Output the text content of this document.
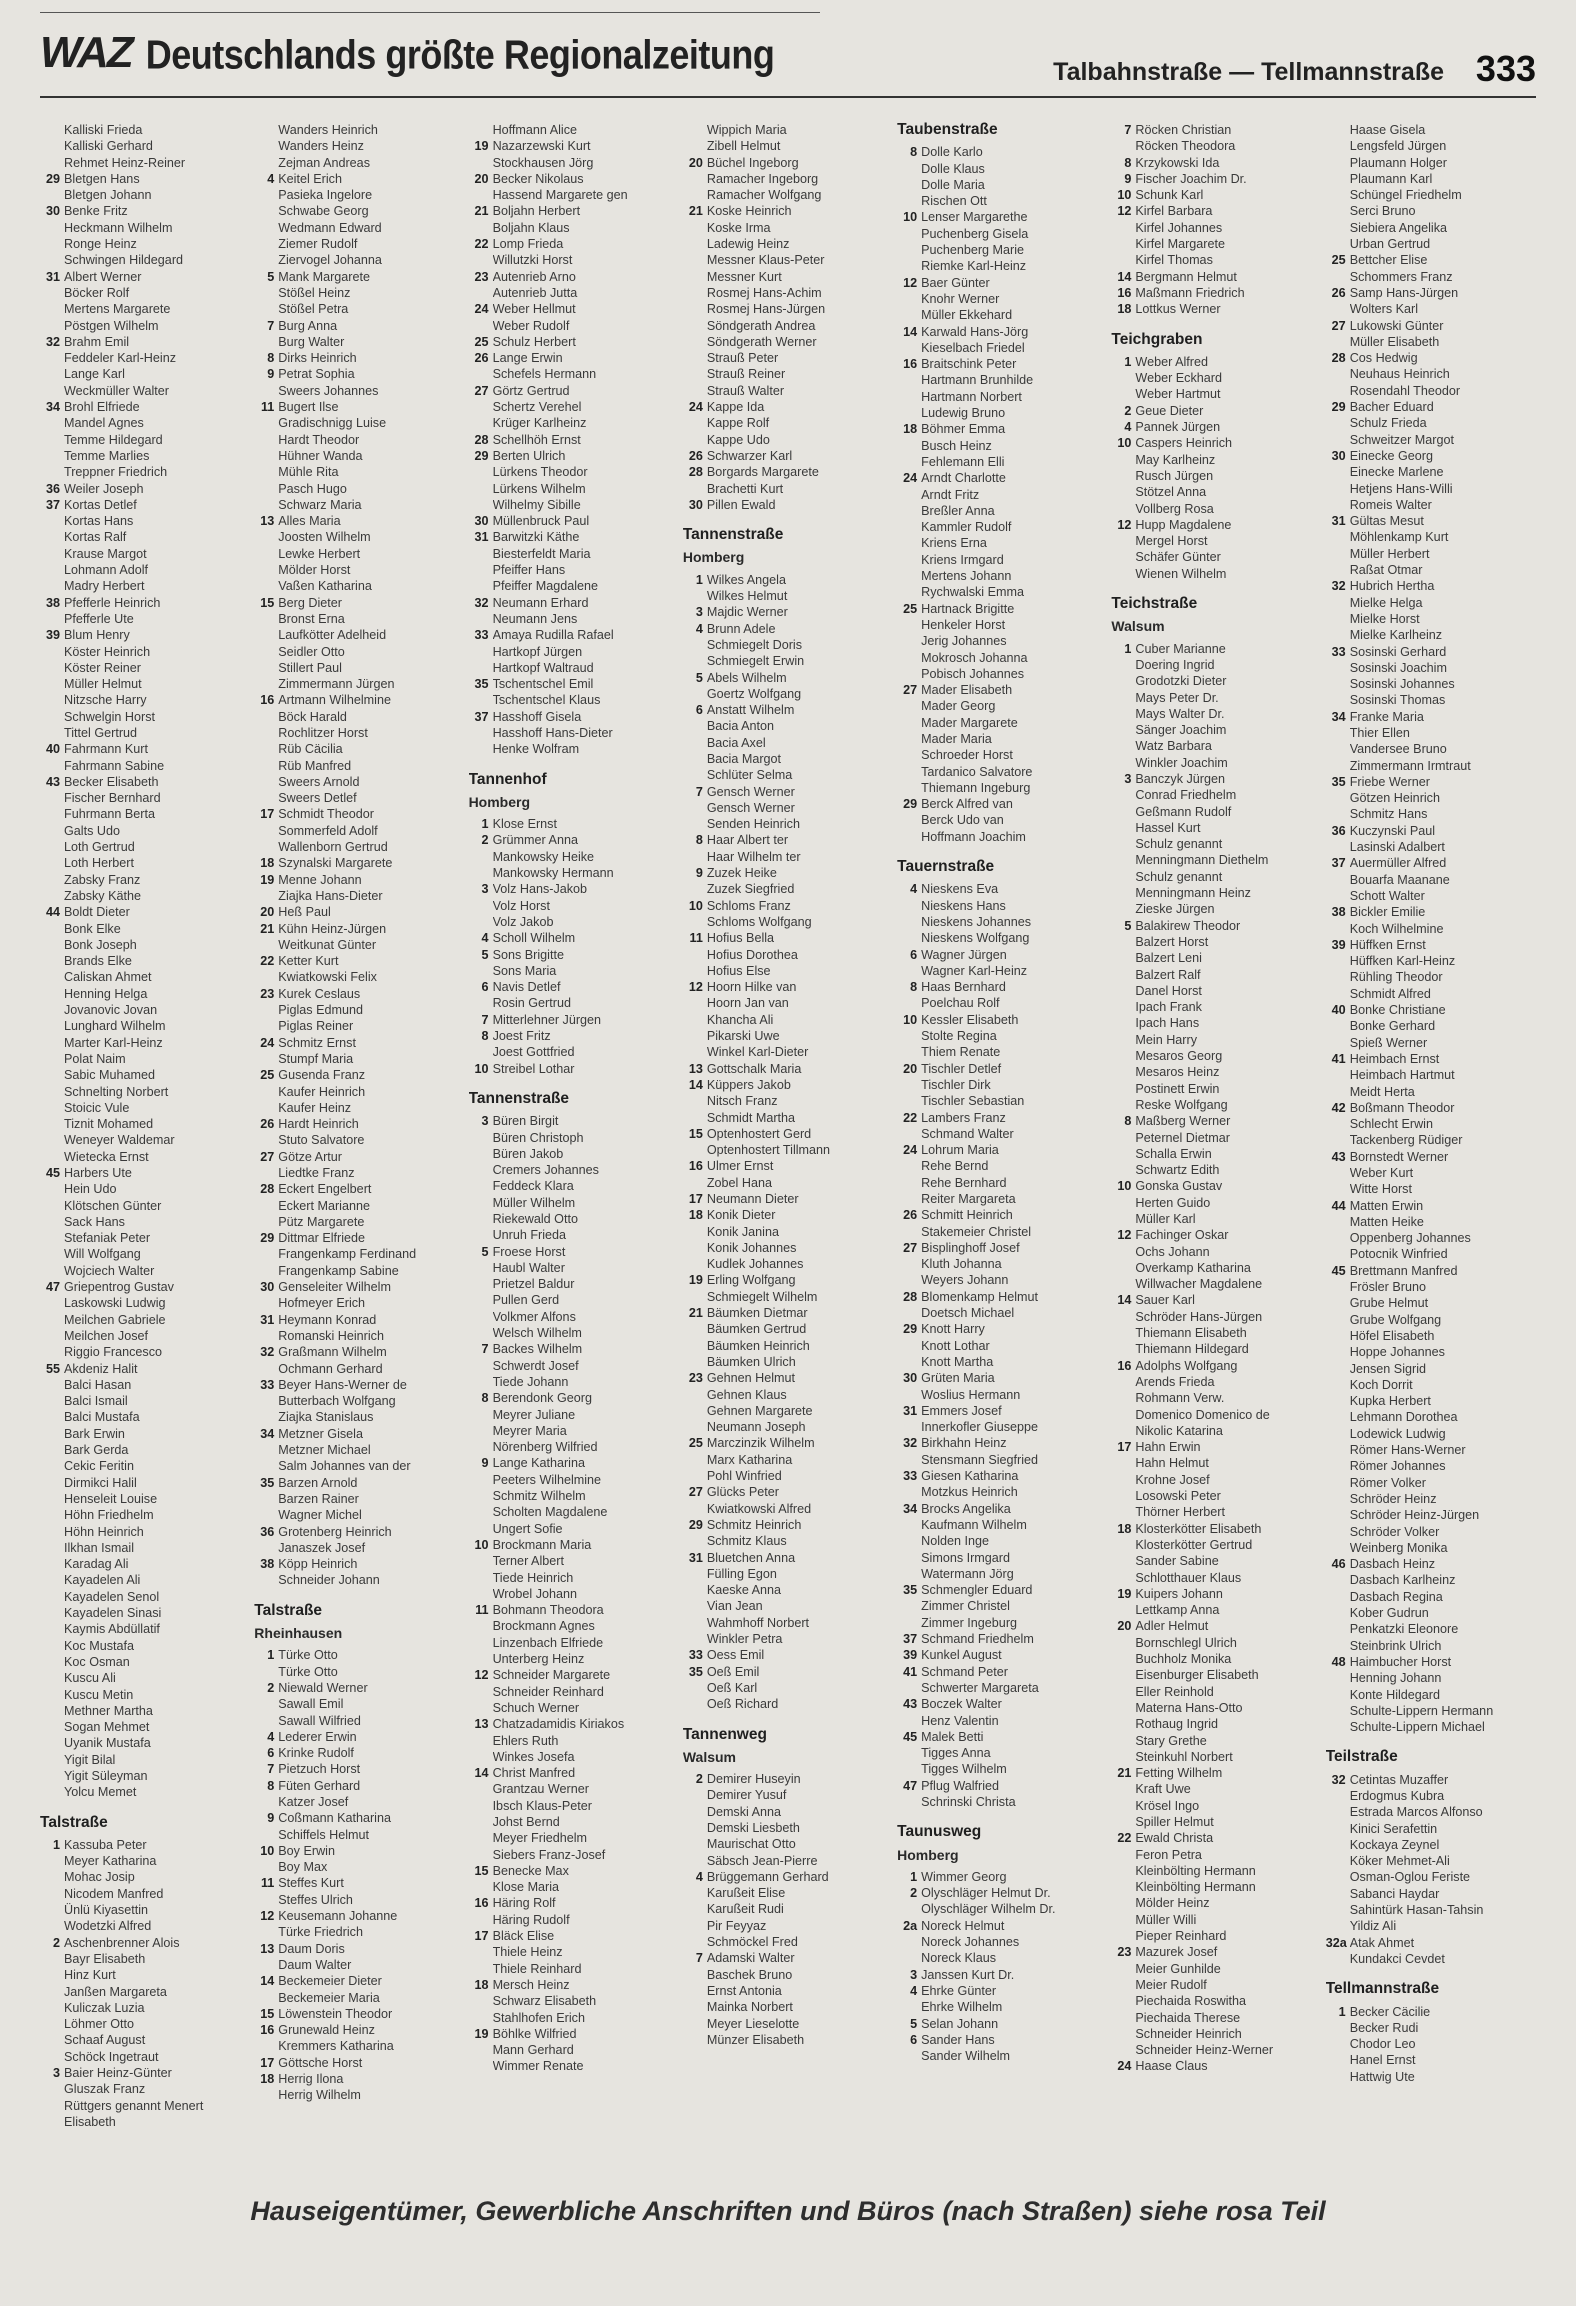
WAZ Deutschlands größte Regionalzeitung	Talbahnstraße — Tellmannstraße 333
Kalliski Frieda
Kalliski Gerhard
Rehmet Heinz-Reiner
29 Bletgen Hans
Bletgen Johann
30 Benke Fritz
Heckmann Wilhelm
Ronge Heinz
Schwingen Hildegard
31 Albert Werner
Böcker Rolf
Mertens Margarete
Pöstgen Wilhelm
32 Brahm Emil
Feddeler Karl-Heinz
Lange Karl
Weckmüller Walter
34 Brohl Elfriede
Mandel Agnes
Temme Hildegard
Temme Marlies
Treppner Friedrich
36 Weiler Joseph
37 Kortas Detlef
Kortas Hans
Kortas Ralf
Krause Margot
Lohmann Adolf
Madry Herbert
38 Pfefferle Heinrich
Pfefferle Ute
39 Blum Henry
Köster Heinrich
Köster Reiner
Müller Helmut
Nitzsche Harry
Schwelgin Horst
Tittel Gertrud
40 Fahrmann Kurt
Fahrmann Sabine
43 Becker Elisabeth
Fischer Bernhard
Fuhrmann Berta
Galts Udo
Loth Gertrud
Loth Herbert
Zabsky Franz
Zabsky Käthe
44 Boldt Dieter
Bonk Elke
Bonk Joseph
Brands Elke
Caliskan Ahmet
Henning Helga
Jovanovic Jovan
Lunghard Wilhelm
Marter Karl-Heinz
Polat Naim
Sabic Muhamed
Schnelting Norbert
Stoicic Vule
Tiznit Mohamed
Weneyer Waldemar
Wietecka Ernst
45 Harbers Ute
Hein Udo
Klötschen Günter
Sack Hans
Stefaniak Peter
Will Wolfgang
Wojciech Walter
47 Griepentrog Gustav
Laskowski Ludwig
Meilchen Gabriele
Meilchen Josef
Riggio Francesco
55 Akdeniz Halit
Balci Hasan
Balci Ismail
Balci Mustafa
Bark Erwin
Bark Gerda
Cekic Feritin
Dirmikci Halil
Henseleit Louise
Höhn Friedhelm
Höhn Heinrich
Ilkhan Ismail
Karadag Ali
Kayadelen Ali
Kayadelen Senol
Kayadelen Sinasi
Kaymis Abdüllatif
Koc Mustafa
Koc Osman
Kuscu Ali
Kuscu Metin
Methner Martha
Sogan Mehmet
Uyanik Mustafa
Yigit Bilal
Yigit Süleyman
Yolcu Memet
Talstraße
1 Kassuba Peter
Meyer Katharina
Mohac Josip
Nicodem Manfred
Ünlü Kiyasettin
Wodetzki Alfred
2 Aschenbrenner Alois
Bayr Elisabeth
Hinz Kurt
Janßen Margareta
Kuliczak Luzia
Löhmer Otto
Schaaf August
Schöck Ingetraut
3 Baier Heinz-Günter
Gluszak Franz
Rüttgers genannt Menert
Elisabeth
Wanders Heinrich
Wanders Heinz
Zejman Andreas
4 Keitel Erich
Pasieka Ingelore
Schwabe Georg
Wedmann Edward
Ziemer Rudolf
Ziervogel Johanna
5 Mank Margarete
Stößel Heinz
Stößel Petra
7 Burg Anna
Burg Walter
8 Dirks Heinrich
9 Petrat Sophia
Sweers Johannes
11 Bugert Ilse
Gradischnigg Luise
Hardt Theodor
Hühner Wanda
Mühle Rita
Pasch Hugo
Schwarz Maria
13 Alles Maria
Joosten Wilhelm
Lewke Herbert
Mölder Horst
Vaßen Katharina
15 Berg Dieter
Bronst Erna
Laufkötter Adelheid
Seidler Otto
Stillert Paul
Zimmermann Jürgen
16 Artmann Wilhelmine
Böck Harald
Rochlitzer Horst
Rüb Cäcilia
Rüb Manfred
Sweers Arnold
Sweers Detlef
17 Schmidt Theodor
Sommerfeld Adolf
Wallenborn Gertrud
18 Szynalski Margarete
19 Menne Johann
Ziajka Hans-Dieter
20 Heß Paul
21 Kühn Heinz-Jürgen
Weitkunat Günter
22 Ketter Kurt
Kwiatkowski Felix
23 Kurek Ceslaus
Piglas Edmund
Piglas Reiner
24 Schmitz Ernst
Stumpf Maria
25 Gusenda Franz
Kaufer Heinrich
Kaufer Heinz
26 Hardt Heinrich
Stuto Salvatore
27 Götze Artur
Liedtke Franz
28 Eckert Engelbert
Eckert Marianne
Pütz Margarete
29 Dittmar Elfriede
Frangenkamp Ferdinand
Frangenkamp Sabine
30 Genseleiter Wilhelm
Hofmeyer Erich
31 Heymann Konrad
Romanski Heinrich
32 Graßmann Wilhelm
Ochmann Gerhard
33 Beyer Hans-Werner de
Butterbach Wolfgang
Ziajka Stanislaus
34 Metzner Gisela
Metzner Michael
Salm Johannes van der
35 Barzen Arnold
Barzen Rainer
Wagner Michel
36 Grotenberg Heinrich
Janaszek Josef
38 Köpp Heinrich
Schneider Johann
Talstraße
Rheinhausen
1 Türke Otto
Türke Otto
2 Niewald Werner
Sawall Emil
Sawall Wilfried
4 Lederer Erwin
6 Krinke Rudolf
7 Pietzuch Horst
8 Füten Gerhard
Katzer Josef
9 Coßmann Katharina
Schiffels Helmut
10 Boy Erwin
Boy Max
11 Steffes Kurt
Steffes Ulrich
12 Keusemann Johanne
Türke Friedrich
13 Daum Doris
Daum Walter
14 Beckemeier Dieter
Beckemeier Maria
15 Löwenstein Theodor
16 Grunewald Heinz
Kremmers Katharina
17 Göttsche Horst
18 Herrig Ilona
Herrig Wilhelm
Hoffmann Alice
19 Nazarzewski Kurt
Stockhausen Jörg
20 Becker Nikolaus
Hassend Margarete gen
21 Boljahn Herbert
Boljahn Klaus
22 Lomp Frieda
Willutzki Horst
23 Autenrieb Arno
Autenrieb Jutta
24 Weber Hellmut
Weber Rudolf
25 Schulz Herbert
26 Lange Erwin
Schefels Hermann
27 Görtz Gertrud
Schertz Verehel
Krüger Karlheinz
28 Schellhöh Ernst
29 Berten Ulrich
Lürkens Theodor
Lürkens Wilhelm
Wilhelmy Sibille
30 Müllenbruck Paul
31 Barwitzki Käthe
Biesterfeldt Maria
Pfeiffer Hans
Pfeiffer Magdalene
32 Neumann Erhard
Neumann Jens
33 Amaya Rudilla Rafael
Hartkopf Jürgen
Hartkopf Waltraud
35 Tschentschel Emil
Tschentschel Klaus
37 Hasshoff Gisela
Hasshoff Hans-Dieter
Henke Wolfram
Tannenhof
Homberg
1 Klose Ernst
2 Grümmer Anna
Mankowsky Heike
Mankowsky Hermann
3 Volz Hans-Jakob
Volz Horst
Volz Jakob
4 Scholl Wilhelm
5 Sons Brigitte
Sons Maria
6 Navis Detlef
Rosin Gertrud
7 Mitterlehner Jürgen
8 Joest Fritz
Joest Gottfried
10 Streibel Lothar
Tannenstraße
3 Büren Birgit
Büren Christoph
Büren Jakob
Cremers Johannes
Feddeck Klara
Müller Wilhelm
Riekewald Otto
Unruh Frieda
5 Froese Horst
Haubl Walter
Prietzel Baldur
Pullen Gerd
Volkmer Alfons
Welsch Wilhelm
7 Backes Wilhelm
Schwerdt Josef
Tiede Johann
8 Berendonk Georg
Meyrer Juliane
Meyrer Maria
Nörenberg Wilfried
9 Lange Katharina
Peeters Wilhelmine
Schmitz Wilhelm
Scholten Magdalene
Ungert Sofie
10 Brockmann Maria
Terner Albert
Tiede Heinrich
Wrobel Johann
11 Bohmann Theodora
Brockmann Agnes
Linzenbach Elfriede
Unterberg Heinz
12 Schneider Margarete
Schneider Reinhard
Schuch Werner
13 Chatzadamidis Kiriakos
Ehlers Ruth
Winkes Josefa
14 Christ Manfred
Grantzau Werner
Ibsch Klaus-Peter
Johst Bernd
Meyer Friedhelm
Siebers Franz-Josef
15 Benecke Max
Klose Maria
16 Häring Rolf
Häring Rudolf
17 Bläck Elise
Thiele Heinz
Thiele Reinhard
18 Mersch Heinz
Schwarz Elisabeth
Stahlhofen Erich
19 Böhlke Wilfried
Mann Gerhard
Wimmer Renate
Wippich Maria
Zibell Helmut
20 Büchel Ingeborg
Ramacher Ingeborg
Ramacher Wolfgang
21 Koske Heinrich
Koske Irma
Ladewig Heinz
Messner Klaus-Peter
Messner Kurt
Rosmej Hans-Achim
Rosmej Hans-Jürgen
Söndgerath Andrea
Söndgerath Werner
Strauß Peter
Strauß Reiner
Strauß Walter
24 Kappe Ida
Kappe Rolf
Kappe Udo
26 Schwarzer Karl
28 Borgards Margarete
Brachetti Kurt
30 Pillen Ewald
Tannenstraße
Homberg
1 Wilkes Angela
Wilkes Helmut
3 Majdic Werner
4 Brunn Adele
Schmiegelt Doris
Schmiegelt Erwin
5 Abels Wilhelm
Goertz Wolfgang
6 Anstatt Wilhelm
Bacia Anton
Bacia Axel
Bacia Margot
Schlüter Selma
7 Gensch Werner
Gensch Werner
Senden Heinrich
8 Haar Albert ter
Haar Wilhelm ter
9 Zuzek Heike
Zuzek Siegfried
10 Schloms Franz
Schloms Wolfgang
11 Hofius Bella
Hofius Dorothea
Hofius Else
12 Hoorn Hilke van
Hoorn Jan van
Khancha Ali
Pikarski Uwe
Winkel Karl-Dieter
13 Gottschalk Maria
14 Küppers Jakob
Nitsch Franz
Schmidt Martha
15 Optenhostert Gerd
Optenhostert Tillmann
16 Ulmer Ernst
Zobel Hana
17 Neumann Dieter
18 Konik Dieter
Konik Janina
Konik Johannes
Kudlek Johannes
19 Erling Wolfgang
Schmiegelt Wilhelm
21 Bäumken Dietmar
Bäumken Gertrud
Bäumken Heinrich
Bäumken Ulrich
23 Gehnen Helmut
Gehnen Klaus
Gehnen Margarete
Neumann Joseph
25 Marczinzik Wilhelm
Marx Katharina
Pohl Winfried
27 Glücks Peter
Kwiatkowski Alfred
29 Schmitz Heinrich
Schmitz Klaus
31 Bluetchen Anna
Fülling Egon
Kaeske Anna
Vian Jean
Wahmhoff Norbert
Winkler Petra
33 Oess Emil
35 Oeß Emil
Oeß Karl
Oeß Richard
Tannenweg
Walsum
2 Demirer Huseyin
Demirer Yusuf
Demski Anna
Demski Liesbeth
Maurischat Otto
Säbsch Jean-Pierre
4 Brüggemann Gerhard
Karußeit Elise
Karußeit Rudi
Pir Feyyaz
Schmöckel Fred
7 Adamski Walter
Baschek Bruno
Ernst Antonia
Mainka Norbert
Meyer Lieselotte
Münzer Elisabeth
Taubenstraße
8 Dolle Karlo
Dolle Klaus
Dolle Maria
Rischen Ott
10 Lenser Margarethe
Puchenberg Gisela
Puchenberg Marie
Riemke Karl-Heinz
12 Baer Günter
Knohr Werner
Müller Ekkehard
14 Karwald Hans-Jörg
Kieselbach Friedel
16 Braitschink Peter
Hartmann Brunhilde
Hartmann Norbert
Ludewig Bruno
18 Böhmer Emma
Busch Heinz
Fehlemann Elli
24 Arndt Charlotte
Arndt Fritz
Breßler Anna
Kammler Rudolf
Kriens Erna
Kriens Irmgard
Mertens Johann
Rychwalski Emma
25 Hartnack Brigitte
Henkeler Horst
Jerig Johannes
Mokrosch Johanna
Pobisch Johannes
27 Mader Elisabeth
Mader Georg
Mader Margarete
Mader Maria
Schroeder Horst
Tardanico Salvatore
Thiemann Ingeburg
29 Berck Alfred van
Berck Udo van
Hoffmann Joachim
Tauernstraße
4 Nieskens Eva
Nieskens Hans
Nieskens Johannes
Nieskens Wolfgang
6 Wagner Jürgen
Wagner Karl-Heinz
8 Haas Bernhard
Poelchau Rolf
10 Kessler Elisabeth
Stolte Regina
Thiem Renate
20 Tischler Detlef
Tischler Dirk
Tischler Sebastian
22 Lambers Franz
Schmand Walter
24 Lohrum Maria
Rehe Bernd
Rehe Bernhard
Reiter Margareta
26 Schmitt Heinrich
Stakemeier Christel
27 Bisplinghoff Josef
Kluth Johanna
Weyers Johann
28 Blomenkamp Helmut
Doetsch Michael
29 Knott Harry
Knott Lothar
Knott Martha
30 Grüten Maria
Woslius Hermann
31 Emmers Josef
Innerkofler Giuseppe
32 Birkhahn Heinz
Stensmann Siegfried
33 Giesen Katharina
Motzkus Heinrich
34 Brocks Angelika
Kaufmann Wilhelm
Nolden Inge
Simons Irmgard
Watermann Jörg
35 Schmengler Eduard
Zimmer Christel
Zimmer Ingeburg
37 Schmand Friedhelm
39 Kunkel August
41 Schmand Peter
Schwerter Margareta
43 Boczek Walter
Henz Valentin
45 Malek Betti
Tigges Anna
Tigges Wilhelm
47 Pflug Walfried
Schrinski Christa
Taunusweg
Homberg
1 Wimmer Georg
2 Olyschläger Helmut Dr.
Olyschläger Wilhelm Dr.
2a Noreck Helmut
Noreck Johannes
Noreck Klaus
3 Janssen Kurt Dr.
4 Ehrke Günter
Ehrke Wilhelm
5 Selan Johann
6 Sander Hans
Sander Wilhelm
7 Röcken Christian
Röcken Theodora
8 Krzykowski Ida
9 Fischer Joachim Dr.
10 Schunk Karl
12 Kirfel Barbara
Kirfel Johannes
Kirfel Margarete
Kirfel Thomas
14 Bergmann Helmut
16 Maßmann Friedrich
18 Lottkus Werner
Teichgraben
1 Weber Alfred
Weber Eckhard
Weber Hartmut
2 Geue Dieter
4 Pannek Jürgen
10 Caspers Heinrich
May Karlheinz
Rusch Jürgen
Stötzel Anna
Vollberg Rosa
12 Hupp Magdalene
Mergel Horst
Schäfer Günter
Wienen Wilhelm
Teichstraße
Walsum
1 Cuber Marianne
Doering Ingrid
Grodotzki Dieter
Mays Peter Dr.
Mays Walter Dr.
Sänger Joachim
Watz Barbara
Winkler Joachim
3 Banczyk Jürgen
Conrad Friedhelm
Geßmann Rudolf
Hassel Kurt
Schulz genannt
Menningmann Diethelm
Schulz genannt
Menningmann Heinz
Zieske Jürgen
5 Balakirew Theodor
Balzert Horst
Balzert Leni
Balzert Ralf
Danel Horst
Ipach Frank
Ipach Hans
Mein Harry
Mesaros Georg
Mesaros Heinz
Postinett Erwin
Reske Wolfgang
8 Maßberg Werner
Peternel Dietmar
Schalla Erwin
Schwartz Edith
10 Gonska Gustav
Herten Guido
Müller Karl
12 Fachinger Oskar
Ochs Johann
Overkamp Katharina
Willwacher Magdalene
14 Sauer Karl
Schröder Hans-Jürgen
Thiemann Elisabeth
Thiemann Hildegard
16 Adolphs Wolfgang
Arends Frieda
Rohmann Verw.
Domenico Domenico de
Nikolic Katarina
17 Hahn Erwin
Hahn Helmut
Krohne Josef
Losowski Peter
Thörner Herbert
18 Klosterkötter Elisabeth
Klosterkötter Gertrud
Sander Sabine
Schlotthauer Klaus
19 Kuipers Johann
Lettkamp Anna
20 Adler Helmut
Bornschlegl Ulrich
Buchholz Monika
Eisenburger Elisabeth
Eller Reinhold
Materna Hans-Otto
Rothaug Ingrid
Stary Grethe
Steinkuhl Norbert
21 Fetting Wilhelm
Kraft Uwe
Krösel Ingo
Spiller Helmut
22 Ewald Christa
Feron Petra
Kleinbölting Hermann
Kleinbölting Hermann
Mölder Heinz
Müller Willi
Pieper Reinhard
23 Mazurek Josef
Meier Gunhilde
Meier Rudolf
Piechaida Roswitha
Piechaida Therese
Schneider Heinrich
Schneider Heinz-Werner
24 Haase Claus
Haase Gisela
Lengsfeld Jürgen
Plaumann Holger
Plaumann Karl
Schüngel Friedhelm
Serci Bruno
Siebiera Angelika
Urban Gertrud
25 Bettcher Elise
Schommers Franz
26 Samp Hans-Jürgen
Wolters Karl
27 Lukowski Günter
Müller Elisabeth
28 Cos Hedwig
Neuhaus Heinrich
Rosendahl Theodor
29 Bacher Eduard
Schulz Frieda
Schweitzer Margot
30 Einecke Georg
Einecke Marlene
Hetjens Hans-Willi
Romeis Walter
31 Gültas Mesut
Möhlenkamp Kurt
Müller Herbert
Raßat Otmar
32 Hubrich Hertha
Mielke Helga
Mielke Horst
Mielke Karlheinz
33 Sosinski Gerhard
Sosinski Joachim
Sosinski Johannes
Sosinski Thomas
34 Franke Maria
Thier Ellen
Vandersee Bruno
Zimmermann Irmtraut
35 Friebe Werner
Götzen Heinrich
Schmitz Hans
36 Kuczynski Paul
Lasinski Adalbert
37 Auermüller Alfred
Bouarfa Maanane
Schott Walter
38 Bickler Emilie
Koch Wilhelmine
39 Hüffken Ernst
Hüffken Karl-Heinz
Rühling Theodor
Schmidt Alfred
40 Bonke Christiane
Bonke Gerhard
Spieß Werner
41 Heimbach Ernst
Heimbach Hartmut
Meidt Herta
42 Boßmann Theodor
Schlecht Erwin
Tackenberg Rüdiger
43 Bornstedt Werner
Weber Kurt
Witte Horst
44 Matten Erwin
Matten Heike
Oppenberg Johannes
Potocnik Winfried
45 Brettmann Manfred
Frösler Bruno
Grube Helmut
Grube Wolfgang
Höfel Elisabeth
Hoppe Johannes
Jensen Sigrid
Koch Dorrit
Kupka Herbert
Lehmann Dorothea
Lodewick Ludwig
Römer Hans-Werner
Römer Johannes
Römer Volker
Schröder Heinz
Schröder Heinz-Jürgen
Schröder Volker
Weinberg Monika
46 Dasbach Heinz
Dasbach Karlheinz
Dasbach Regina
Kober Gudrun
Penkatzki Eleonore
Steinbrink Ulrich
48 Haimbucher Horst
Henning Johann
Konte Hildegard
Schulte-Lippern Hermann
Schulte-Lippern Michael
Teilstraße
32 Cetintas Muzaffer
Erdogmus Kubra
Estrada Marcos Alfonso
Kinici Serafettin
Kockaya Zeynel
Köker Mehmet-Ali
Osman-Oglou Feriste
Sabanci Haydar
Sahintürk Hasan-Tahsin
Yildiz Ali
32a Atak Ahmet
Kundakci Cevdet
Tellmannstraße
1 Becker Cäcilie
Becker Rudi
Chodor Leo
Hanel Ernst
Hattwig Ute
Hauseigentümer, Gewerbliche Anschriften und Büros (nach Straßen) siehe rosa Teil
